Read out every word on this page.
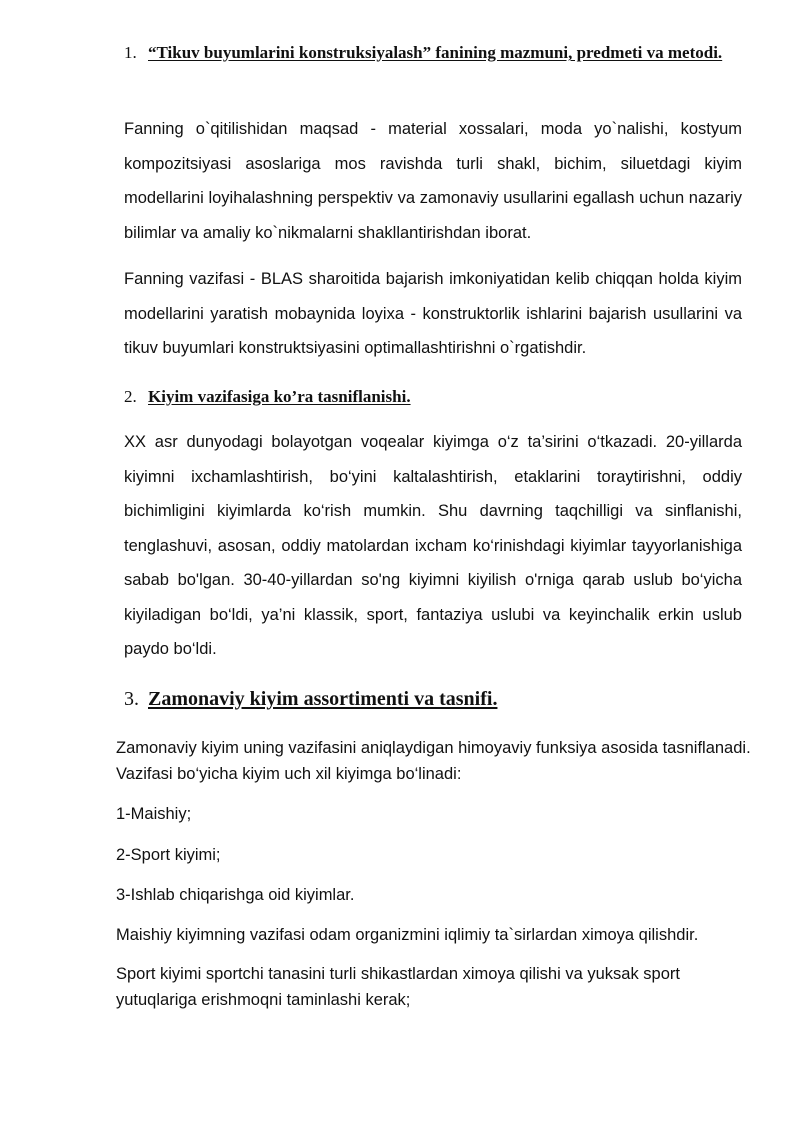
1. “Tikuv buyumlarini konstruksiyalash” fanining mazmuni, predmeti va metodi.
Fanning o`qitilishidan maqsad - material xossalari, moda yo`nalishi, kostyum kompozitsiyasi asoslariga mos ravishda turli shakl, bichim, siluetdagi kiyim modellarini loyihalashning perspektiv va zamonaviy usullarini egallash uchun nazariy bilimlar va amaliy ko`nikmalarni shakllantirishdan iborat.
Fanning vazifasi - BLAS sharoitida bajarish imkoniyatidan kelib chiqqan holda kiyim modellarini yaratish mobaynida loyixa - konstruktorlik ishlarini bajarish usullarini va tikuv buyumlari konstruktsiyasini optimallashtirishni o`rgatishdir.
2. Kiyim vazifasiga ko’ra tasniflanishi.
XX asr dunyodagi bolayotgan voqealar kiyimga o‘z ta’sirini o‘tkazadi. 20-yillarda kiyimni ixchamlashtirish, bo‘yini kaltalashtirish, etaklarini toraytirishni, oddiy bichimligini kiyimlarda ko‘rish mumkin. Shu davrning taqchilligi va sinflanishi, tenglashuvi, asosan, oddiy matolardan ixcham ko‘rinishdagi kiyimlar tayyorlanishiga sabab bo'lgan. 30-40-yillardan so'ng kiyimni kiyilish o'rniga qarab uslub bo‘yicha kiyiladigan bo‘ldi, ya’ni klassik, sport, fantaziya uslubi va keyinchalik erkin uslub paydo bo‘ldi.
3. Zamonaviy kiyim assortimenti va tasnifi.
Zamonaviy kiyim uning vazifasini aniqlaydigan himoyaviy funksiya asosida tasniflanadi. Vazifasi bo‘yicha kiyim uch xil kiyimga bo‘linadi:
1-Maishiy;
2-Sport kiyimi;
3-Ishlab chiqarishga oid kiyimlar.
Maishiy kiyimning vazifasi odam organizmini iqlimiy ta`sirlardan ximoya qilishdir.
Sport kiyimi sportchi tanasini turli shikastlardan ximoya qilishi va yuksak sport yutuqlariga erishmoqni taminlashi kerak;
